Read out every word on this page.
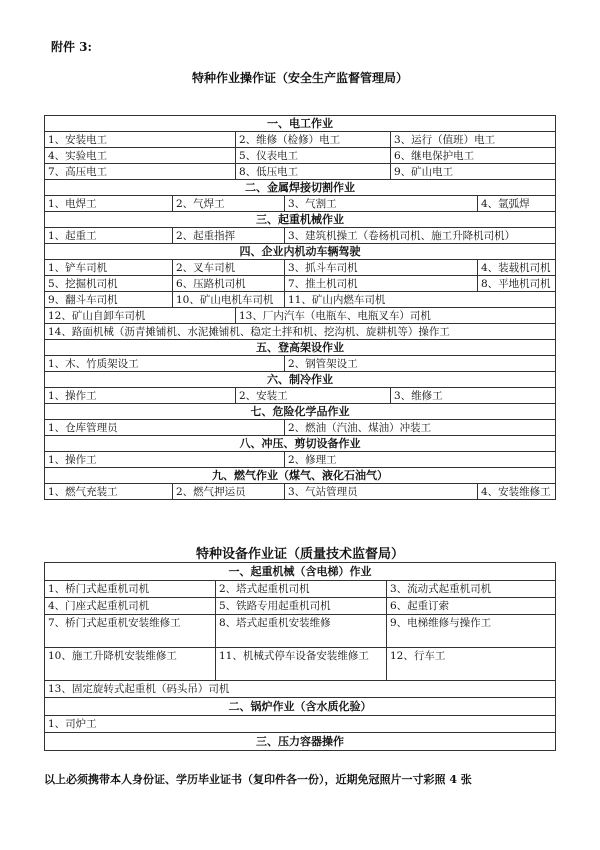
附件 3:
特种作业操作证（安全生产监督管理局）
一、电工作业					
1、安装电工		2、维修（检修）电工		3、运行（值班）电工	
4、实验电工		5、仪表电工		6、继电保护电工	
7、高压电工		8、低压电工		9、矿山电工	
二、金属焊接切割作业					
1、电焊工	2、气焊工		3、气割工		4、氩弧焊
三、起重机械作业					
1、起重工	2、起重指挥		3、建筑机操工（卷杨机司机、施工升降机司机）		
四、企业内机动车辆驾驶					
1、铲车司机	2、叉车司机		3、抓斗车司机		4、装载机司机
5、挖掘机司机	6、压路机司机		7、推土机司机		8、平地机司机
9、翻斗车司机	10、矿山电机车司机		11、矿山内燃车司机		
12、矿山自卸车司机		13、厂内汽车（电瓶车、电瓶叉车）司机			
14、路面机械（沥青摊铺机、水泥摊铺机、稳定土拌和机、挖沟机、旋耕机等）操作工					
五、登高架设作业					
1、木、竹质架设工			2、钢管架设工		
六、制冷作业					
1、操作工		2、安装工		3、维修工	
七、危险化学品作业					
1、仓库管理员			2、燃油（汽油、煤油）冲装工		
八、冲压、剪切设备作业					
1、操作工			2、修理工		
九、燃气作业（煤气、液化石油气）					
1、燃气充装工	2、燃气押运员		3、气站管理员		4、安装维修工
特种设备作业证（质量技术监督局）
一、起重机械（含电梯）作业		
1、桥门式起重机司机	2、塔式起重机司机	3、流动式起重机司机
4、门座式起重机司机	5、铁路专用起重机司机	6、起重订索
7、桥门式起重机安装维修工	8、塔式起重机安装维修	9、电梯维修与操作工
10、施工升降机安装维修工	11、机械式停车设备安装维修工	12、行车工
13、固定旋转式起重机（码头吊）司机		
二、锅炉作业（含水质化验）		
1、司炉工		
三、压力容器操作		
以上必须携带本人身份证、学历毕业证书（复印件各一份），近期免冠照片一寸彩照 4 张
